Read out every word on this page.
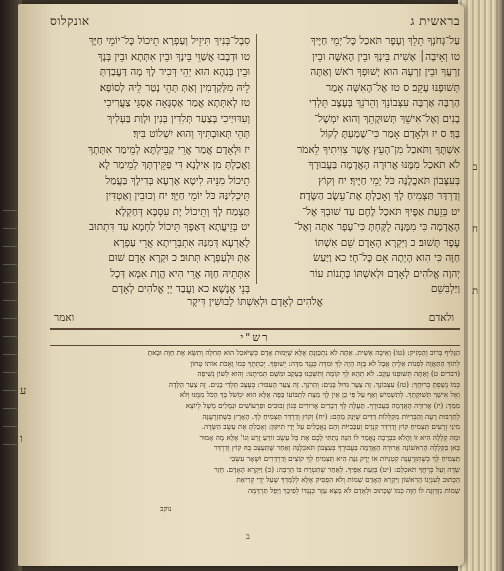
בראשית ג
אונקלוס

עַל־גְּחֹנְךָ תֵלֵךְ וְעָפָר תֹּאכַל כָּל־יְמֵי חַיֶּיךָ

טו וְאֵיבָה׀ אָשִׁית בֵּינְךָ וּבֵין הָאִשָּׁה וּבֵין

זַרְעֲךָ וּבֵין זַרְעָהּ הוּא יְשׁוּפְךָ רֹאשׁ וְאַתָּה

תְּשׁוּפֶנּוּ עָקֵב׃ ס טז אֶל־הָאִשָּׁה אָמַר

הַרְבָּה אַרְבֶּה עִצְּבוֹנֵךְ וְהֵרֹנֵךְ בְּעֶצֶב תֵּלְדִי

בָנִים וְאֶל־אִישֵׁךְ תְּשׁוּקָתֵךְ וְהוּא יִמְשָׁל־

בָּךְ׃ ס יז וּלְאָדָם אָמַר כִּי־שָׁמַעְתָּ לְקוֹל

אִשְׁתֶּךָ וַתֹּאכַל מִן־הָעֵץ אֲשֶׁר צִוִּיתִיךָ לֵאמֹר

לֹא תֹאכַל מִמֶּנּוּ אֲרוּרָה הָאֲדָמָה בַּעֲבוּרֶךָ

בְּעִצָּבוֹן תֹּאכֲלֶנָּה כֹּל יְמֵי חַיֶּיךָ׃ יח וְקוֹץ

וְדַרְדַּר תַּצְמִיחַ לָךְ וְאָכַלְתָּ אֶת־עֵשֶׂב הַשָּׂדֶה׃

יט בְּזֵעַת אַפֶּיךָ תֹּאכַל לֶחֶם עַד שׁוּבְךָ אֶל־

הָאֲדָמָה כִּי מִמֶּנָּה לֻקָּחְתָּ כִּי־עָפָר אַתָּה וְאֶל־

עָפָר תָּשׁוּב׃ כ וַיִּקְרָא הָאָדָם שֵׁם אִשְׁתּוֹ

חַוָּה כִּי הִוא הָיְתָה אֵם כָּל־חָי׃ כא וַיַּעַשׂ

יְהוָה אֱלֹהִים לְאָדָם וּלְאִשְׁתּוֹ כָּתְנוֹת עוֹר

וַיַּלְבִּשֵׁם

סִבָל־בְּנִיךְ תִּיזֵיל וְעַפְרָא תֵיכוֹל כָּל־יוֹמֵי חַיָּךְ

טו וּדְבָבוּ אֲשַׁוֵּי בֵּינָךְ וּבֵין אִתְּתָא וּבֵין בְּנָךְ

וּבֵין בְּנַהָא הוּא יְהֵי דְּכִיר לָךְ מָה דַּעֲבַדְתְּ

לֵיהּ מִלְּקַדְמִין וְאַתְּ תְּהֵי נָטַר לֵיהּ לְסוֹפָא׃

טז לְאִתְּתָא אֲמַר אַסְגָּאָה אַסְגֵּי צַעֲרִיכִי

וְעִדּוּיַיכִי בְּצַעַר תְּלִדִין בְּנִין וּלְוַת בַּעְלִיךְ

תְּהֵי תְּאוּבְתִּיךְ וְהוּא יִשְׁלוֹט בִּיךְ׃

יז וּלְאָדָם אֲמַר אֲרֵי קַבֵּילְתָּא לְמֵימַר אִתְּתָךְ

וַאֲכַלְתְּ מִן אִילָנָא דִּי פַקֵּידְתָּךְ לְמֵימַר לָא

תֵיכוֹל מִנֵּיהּ לִיטָא אַרְעָא בְּדִילָךְ בַּעֲמַל

תֵּיכְלִינַּהּ כֹּל יוֹמֵי חַיָּךְ׃ יח וְכוּבִין וְאַטְדִּין

תַּצְמַח לָךְ וְתֵיכוֹל יָת עִסְבָּא דְּחַקְלָא׃

יט בְּזֵיעֲתָא דְּאַפָּךְ תֵּיכוֹל לַחְמָא עַד דִּתְתוּב

לְאַרְעָא דְּמִנַּהּ אִתְבְּרֵיתָא אֲרֵי עַפְרָא

אַתְּ וּלְעַפְרָא תְּתוּב׃ כ וּקְרָא אָדָם שׁוּם

אִתְּתֵיהּ חַוָּה אֲרֵי הִיא הֲוָת אִמָּא דְּכָל

בְּנֵי אֲנָשָׁא׃ כא וַעֲבַד יְיָ אֱלֹהִים לְאָדָם

ב
ח
ת
אֱלֹהִים לְאָדָם וּלְאִשְׁתּוֹ לְבוּשִׁין דִּיקָר
ולאדם
ואמר
רש"י

הַגְּלִיף בְּרוֹב וְהַמְזִיק: (טו) וְאֵיבָה אָשִׁית. אַתָּה לֹא נִתְכַּוַּנְתָּ אֶלָּא שֶׁיָּמוּת אָדָם כְּשֶׁיֹּאכַל הוּא תְּחִלָּה וְתִשָּׂא אֶת חַוָּה וּבָאתָ

לְתוֹךְ הַתַּאֲוָה לִפְנוֹת אֵלֶיהָ אֲבָל לֹא בָּזֶה הָיָה לְךָ וּמִדָּה כְּנֶגֶד מִדָּה: יְשׁוּפְךָ. יְכַתְּתֶךָ כְּמוֹ וָאֶכֹּת אוֹתוֹ טָחוֹן

(דברים ט) וְאַתָּה תְּשׁוּפֶנּוּ עָקֵב. לֹא תְהֵא לְךָ קוֹמָה וְתִשְּׁכֶנּוּ בָּעָקֵב וּמִשָּׁם תְּמִיתֶנּוּ: וְהוּא לְשׁוֹן נְשִׁיפָה

כְּמוֹ נָשַׁפְתָּ בְרוּחֲךָ: (טז) עִצְּבוֹנֵךְ. זֶה צַעַר גִּדּוּל בָּנִים: וְהֵרֹנֵךְ. זֶה צַעַר הָעִבּוּר: בְּעֶצֶב תֵּלְדִי בָנִים. זֶה צַעַר הַלֵּדָה

וְאֶל אִישֵׁךְ תְּשׁוּקָתֵךְ. לְתַשְׁמִישׁ וְאַף עַל פִּי כֵן אֵין לָךְ מֵצַח לִתְבּוֹעוֹ בַּפֶּה אֶלָּא הוּא יִמְשֹׁל בָּךְ הַכֹּל מִמֶּנּוּ וְלֹא

מִמֵּךְ: (יז) אֲרוּרָה הָאֲדָמָה בַּעֲבוּרֶךָ. תַּעֲלֶה לְךָ דְבָרִים אֲרוּרִים כְּגוֹן זְבוּבִים וּפַרְעוֹשִׁים וּנְמָלִים מָשָׁל לְיוֹצֵא

לְתַרְבּוּת רָעָה וְהַבְּרִיּוֹת מְקַלְּלוֹת דַּדִּים שֶׁיָּנַק מֵהֶם: (יח) וְקוֹץ וְדַרְדַּר תַּצְמִיחַ לָךְ. הָאָרֶץ כְּשֶׁתִּזְרָעֶנָּה

מִינֵי זְרָעִים תַּצְמִיחַ קוֹץ וְדַרְדַּר קִנְרֵס וְעַכָּבִיּוֹת וְהֵם נֶאֱכָלִים עַל יְדֵי תִיקּוּן: וְאָכַלְתָּ אֶת עֵשֶׂב הַשָּׂדֶה.

וּמָה קְלָלָה הִיא זוֹ וַהֲלֹא בִּבְרָכָה נֶאֱמַר לוֹ הִנֵּה נָתַתִּי לָכֶם אֶת כָּל עֵשֶׂב זוֹרֵעַ זֶרַע וְגוֹ' אֶלָּא מָה אָמוּר

כָּאן בַּקְּלָלָה הָרִאשׁוֹנָה אֲרוּרָה הָאֲדָמָה בַּעֲבוּרֶךָ בְּעִצָּבוֹן תֹּאכְלֶנָּה וְאַחַר שֶׁתֵּעָצֵב בָּהּ קוֹץ וְדַרְדַּר

תַּצְמִיחַ לָךְ כְּשֶׁתִּזְרָעֶנָּה קִטְנִיּוֹת אוֹ יֶרֶק גִּנָּה הִיא תַּצְמִיחַ לְךָ קוֹצִים וְדַרְדָּרִים וּשְׁאָר עִשְׂבֵי

שָׂדֶה וְעַל כָּרְחֲךָ תֹאכְלֵם: (יט) בְּזֵעַת אַפֶּיךָ. לְאַחַר שֶׁתִּטְרַח בּוֹ הַרְבֵּה: (כ) וַיִּקְרָא הָאָדָם. חָזַר

הַכָּתוּב לְעִנְיָנוֹ הָרִאשׁוֹן וַיִּקְרָא הָאָדָם שֵׁמוֹת וְלֹא הִפְסִיק אֶלָּא לְלַמֶּדְךָ שֶׁעַל יְדֵי קְרִיאַת

שֵׁמוֹת נִזְדַּוְּגָה לוֹ חַוָּה כְּמוֹ שֶׁכָּתוּב וּלְאָדָם לֹא מָצָא עֵזֶר כְּנֶגְדּוֹ לְפִיכָךְ וַיַּפֵּל תַּרְדֵּמָה

נוקב
ב
ע
ו
